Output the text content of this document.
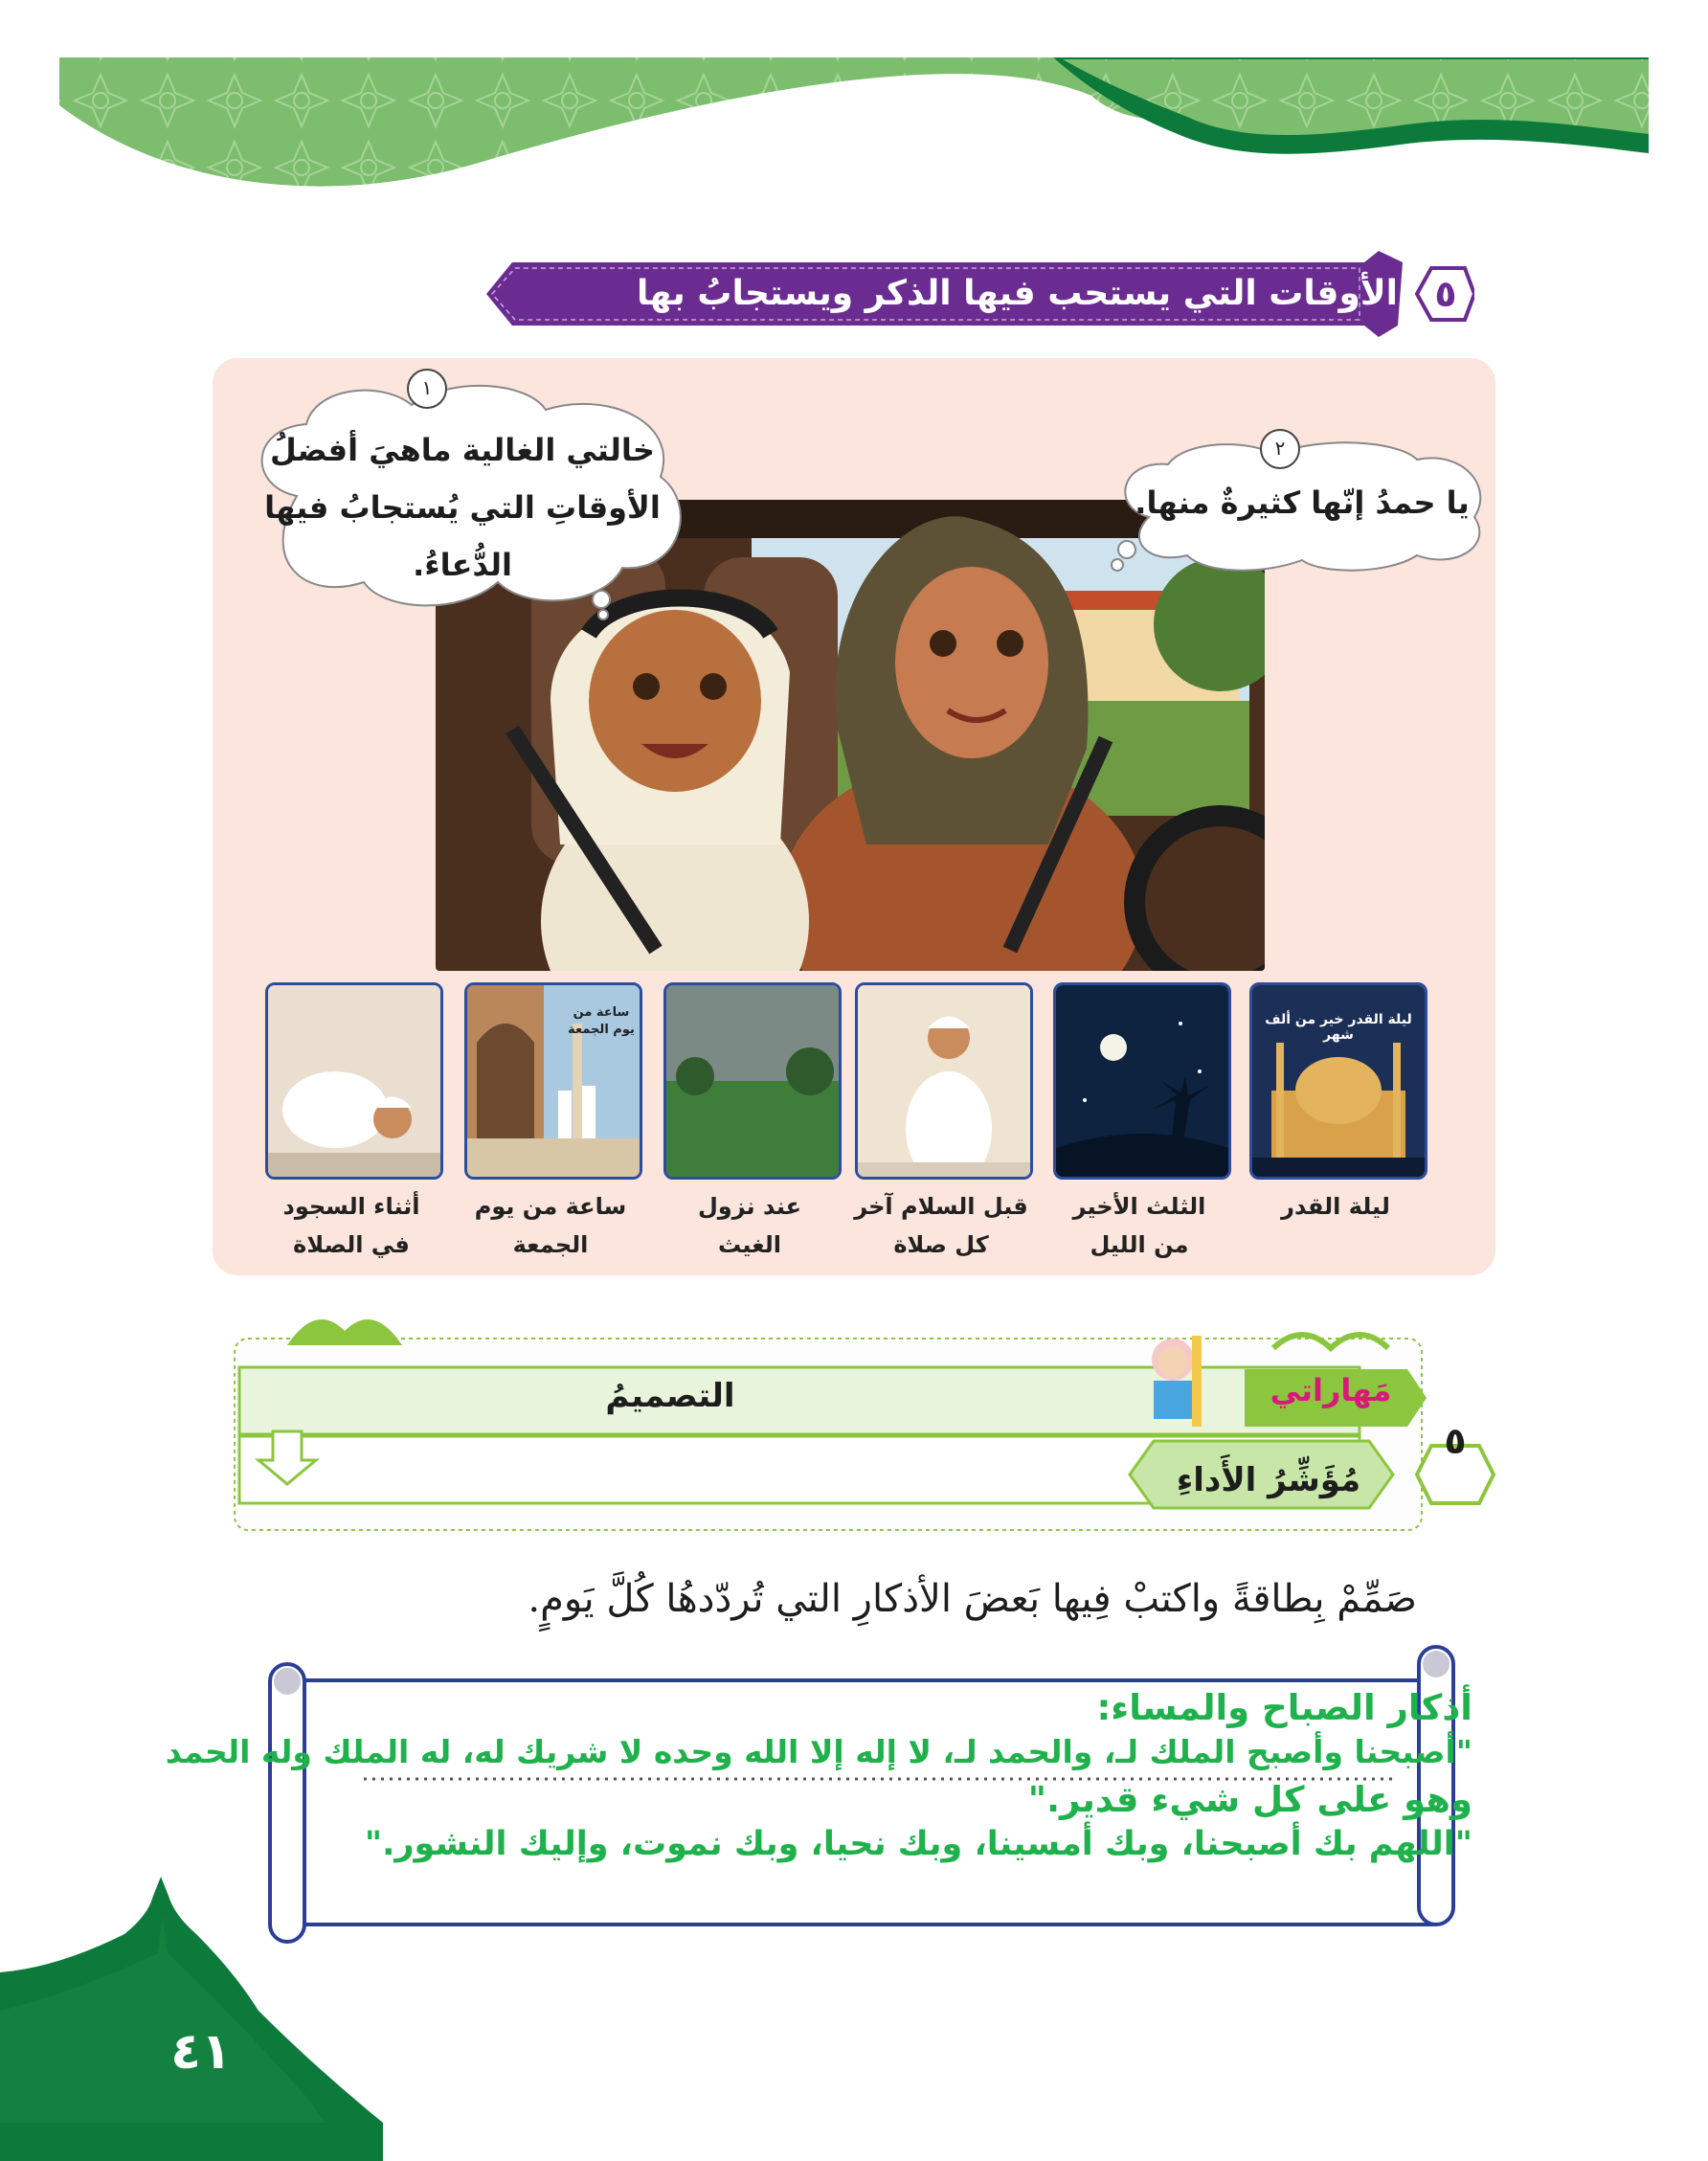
الأوقات التي يستحب فيها الذكر ويستجابُ بها	٥
١
خالتي الغالية ماهيَ أفضلُ
الأوقاتِ التي يُستجابُ فيها
الدُّعاءُ.
٢
يا حمدُ إنّها كثيرةٌ منها.
ليلة القدر خير من ألف شهر
ساعة من يوم الجمعة
ليلة القدر
الثلث الأخير
من الليل
قبل السلام آخر
كل صلاة
عند نزول
الغيث
ساعة من يوم
الجمعة
أثناء السجود
في الصلاة
التصميمُ	مَهاراتي
مُؤَشِّرُ الأَداءِ
٥
صَمِّمْ بِطاقةً واكتبْ فِيها بَعضَ الأذكارِ التي تُردّدهُا كُلَّ يَومٍ.
أذكار الصباح والمساء:
"أصبحنا وأصبح الملك لـ، والحمد لـ، لا إله إلا الله وحده لا شريك له، له الملك وله الحمد
وهو على كل شيء قدير."
"اللهم بك أصبحنا، وبك أمسينا، وبك نحيا، وبك نموت، وإليك النشور."
٤١
